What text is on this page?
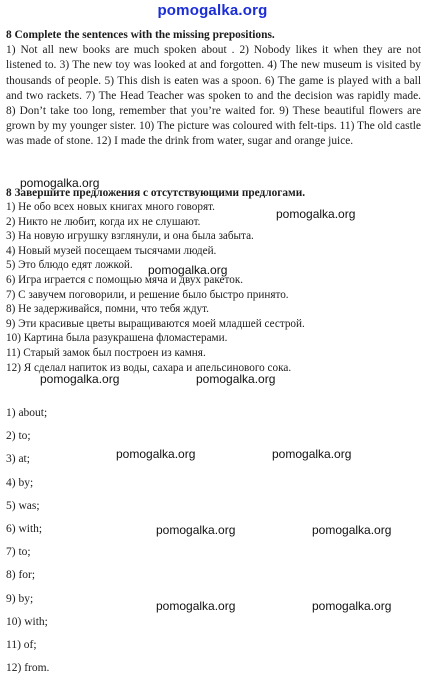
pomogalka.org
8 Complete the sentences with the missing prepositions.
1) Not all new books are much spoken about . 2) Nobody likes it when they are not listened to. 3) The new toy was looked at and forgotten. 4) The new museum is visited by thousands of people. 5) This dish is eaten was a spoon. 6) The game is played with a ball and two rackets. 7) The Head Teacher was spoken to and the decision was rapidly made. 8) Don’t take too long, remember that you’re waited for. 9) These beautiful flowers are grown by my younger sister. 10) The picture was coloured with felt-tips. 11) The old castle was made of stone. 12) I made the drink from water, sugar and orange juice.
8 Завершите предложения с отсутствующими предлогами.
1) Не обо всех новых книгах много говорят.
2) Никто не любит, когда их не слушают.
3) На новую игрушку взглянули, и она была забыта.
4) Новый музей посещаем тысячами людей.
5) Это блюдо едят ложкой.
6) Игра играется с помощью мяча и двух ракеток.
7) С завучем поговорили, и решение было быстро принято.
8) Не задерживайся, помни, что тебя ждут.
9) Эти красивые цветы выращиваются моей младшей сестрой.
10) Картина была разукрашена фломастерами.
11) Старый замок был построен из камня.
12) Я сделал напиток из воды, сахара и апельсинового сока.
1) about;
2) to;
3) at;
4) by;
5) was;
6) with;
7) to;
8) for;
9) by;
10) with;
11) of;
12) from.
pomogalka.org
pomogalka.org
pomogalka.org
pomogalka.org	pomogalka.org
pomogalka.org	pomogalka.org
pomogalka.org	pomogalka.org
pomogalka.org	pomogalka.org
